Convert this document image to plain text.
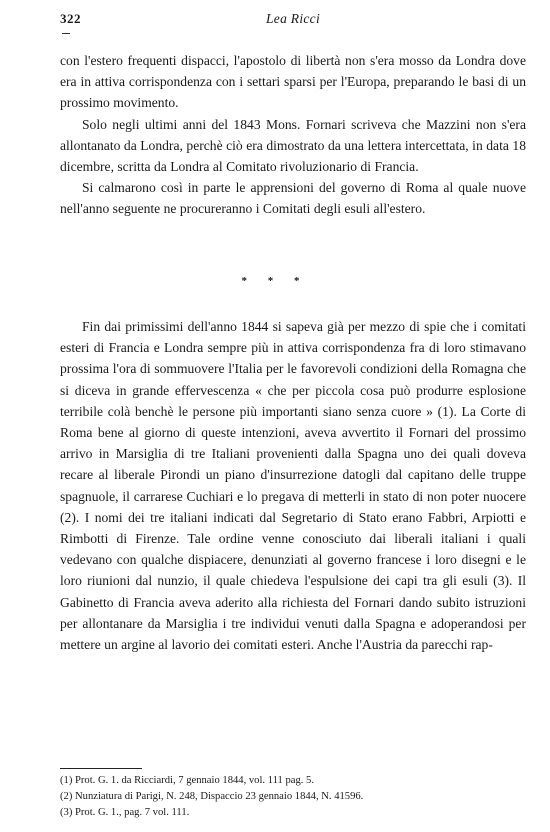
322	Lea Ricci

con l'estero frequenti dispacci, l'apostolo di libertà non s'era mosso da Londra dove era in attiva corrispondenza con i settari sparsi per l'Europa, preparando le basi di un prossimo movimento.

Solo negli ultimi anni del 1843 Mons. Fornari scriveva che Mazzini non s'era allontanato da Londra, perchè ciò era dimostrato da una lettera intercettata, in data 18 dicembre, scritta da Londra al Comitato rivoluzionario di Francia.

Si calmarono così in parte le apprensioni del governo di Roma al quale nuove nell'anno seguente ne procureranno i Comitati degli esuli all'estero.

* * *

Fin dai primissimi dell'anno 1844 si sapeva già per mezzo di spie che i comitati esteri di Francia e Londra sempre più in attiva corrispondenza fra di loro stimavano prossima l'ora di sommuovere l'Italia per le favorevoli condizioni della Romagna che si diceva in grande effervescenza « che per piccola cosa può produrre esplosione terribile colà benchè le persone più importanti siano senza cuore » (1). La Corte di Roma bene al giorno di queste intenzioni, aveva avvertito il Fornari del prossimo arrivo in Marsiglia di tre Italiani provenienti dalla Spagna uno dei quali doveva recare al liberale Pirondi un piano d'insurrezione datogli dal capitano delle truppe spagnuole, il carrarese Cuchiari e lo pregava di metterli in stato di non poter nuocere (2). I nomi dei tre italiani indicati dal Segretario di Stato erano Fabbri, Arpiotti e Rimbotti di Firenze. Tale ordine venne conosciuto dai liberali italiani i quali vedevano con qualche dispiacere, denunziati al governo francese i loro disegni e le loro riunioni dal nunzio, il quale chiedeva l'espulsione dei capi tra gli esuli (3). Il Gabinetto di Francia aveva aderito alla richiesta del Fornari dando subito istruzioni per allontanare da Marsiglia i tre individui venuti dalla Spagna e adoperandosi per mettere un argine al lavorio dei comitati esteri. Anche l'Austria da parecchi rap-

(1) Prot. G. 1. da Ricciardi, 7 gennaio 1844, vol. 111 pag. 5.

(2) Nunziatura di Parigi, N. 248, Dispaccio 23 gennaio 1844, N. 41596.

(3) Prot. G. 1., pag. 7 vol. 111.
